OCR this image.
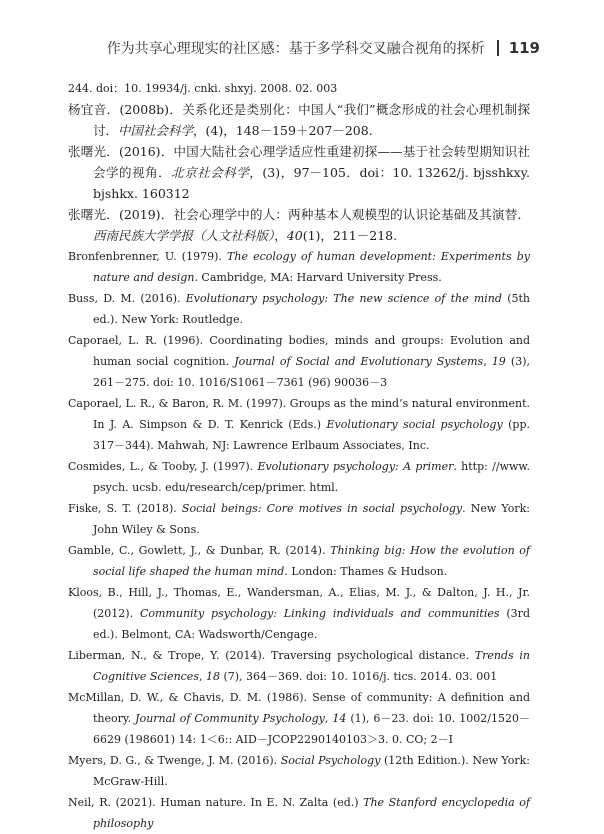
作为共享心理现实的社区感：基于多学科交叉融合视角的探析 119
244. doi：10. 19934/j. cnki. shxyj. 2008. 02. 003
杨宜音．(2008b)．关系化还是类别化：中国人“我们”概念形成的社会心理机制探讨．中国社会科学，(4)，148－159＋207－208.
张曙光．(2016)．中国大陆社会心理学适应性重建初探——基于社会转型期知识社会学的视角．北京社会科学，(3)，97－105．doi：10. 13262/j. bjsshkxy. bjshkx. 160312
张曙光．(2019)．社会心理学中的人：两种基本人观模型的认识论基础及其演替．西南民族大学学报（人文社科版），40(1)，211－218.
Bronfenbrenner, U. (1979). The ecology of human development: Experiments by nature and design. Cambridge, MA: Harvard University Press.
Buss, D. M. (2016). Evolutionary psychology: The new science of the mind (5th ed.). New York: Routledge.
Caporael, L. R. (1996). Coordinating bodies, minds and groups: Evolution and human social cognition. Journal of Social and Evolutionary Systems, 19 (3), 261－275. doi: 10. 1016/S1061－7361 (96) 90036－3
Caporael, L. R., & Baron, R. M. (1997). Groups as the mind’s natural environment. In J. A. Simpson & D. T. Kenrick (Eds.) Evolutionary social psychology (pp. 317－344). Mahwah, NJ: Lawrence Erlbaum Associates, Inc.
Cosmides, L., & Tooby, J. (1997). Evolutionary psychology: A primer. http: //www. psych. ucsb. edu/research/cep/primer. html.
Fiske, S. T. (2018). Social beings: Core motives in social psychology. New York: John Wiley & Sons.
Gamble, C., Gowlett, J., & Dunbar, R. (2014). Thinking big: How the evolution of social life shaped the human mind. London: Thames & Hudson.
Kloos, B., Hill, J., Thomas, E., Wandersman, A., Elias, M. J., & Dalton, J. H., Jr. (2012). Community psychology: Linking individuals and communities (3rd ed.). Belmont, CA: Wadsworth/Cengage.
Liberman, N., & Trope, Y. (2014). Traversing psychological distance. Trends in Cognitive Sciences, 18 (7), 364－369. doi: 10. 1016/j. tics. 2014. 03. 001
McMillan, D. W., & Chavis, D. M. (1986). Sense of community: A definition and theory. Journal of Community Psychology, 14 (1), 6－23. doi: 10. 1002/1520－6629 (198601) 14: 1＜6:: AID－JCOP2290140103＞3. 0. CO; 2－I
Myers, D. G., & Twenge, J. M. (2016). Social Psychology (12th Edition.). New York: McGraw-Hill.
Neil, R. (2021). Human nature. In E. N. Zalta (ed.) The Stanford encyclopedia of philosophy
